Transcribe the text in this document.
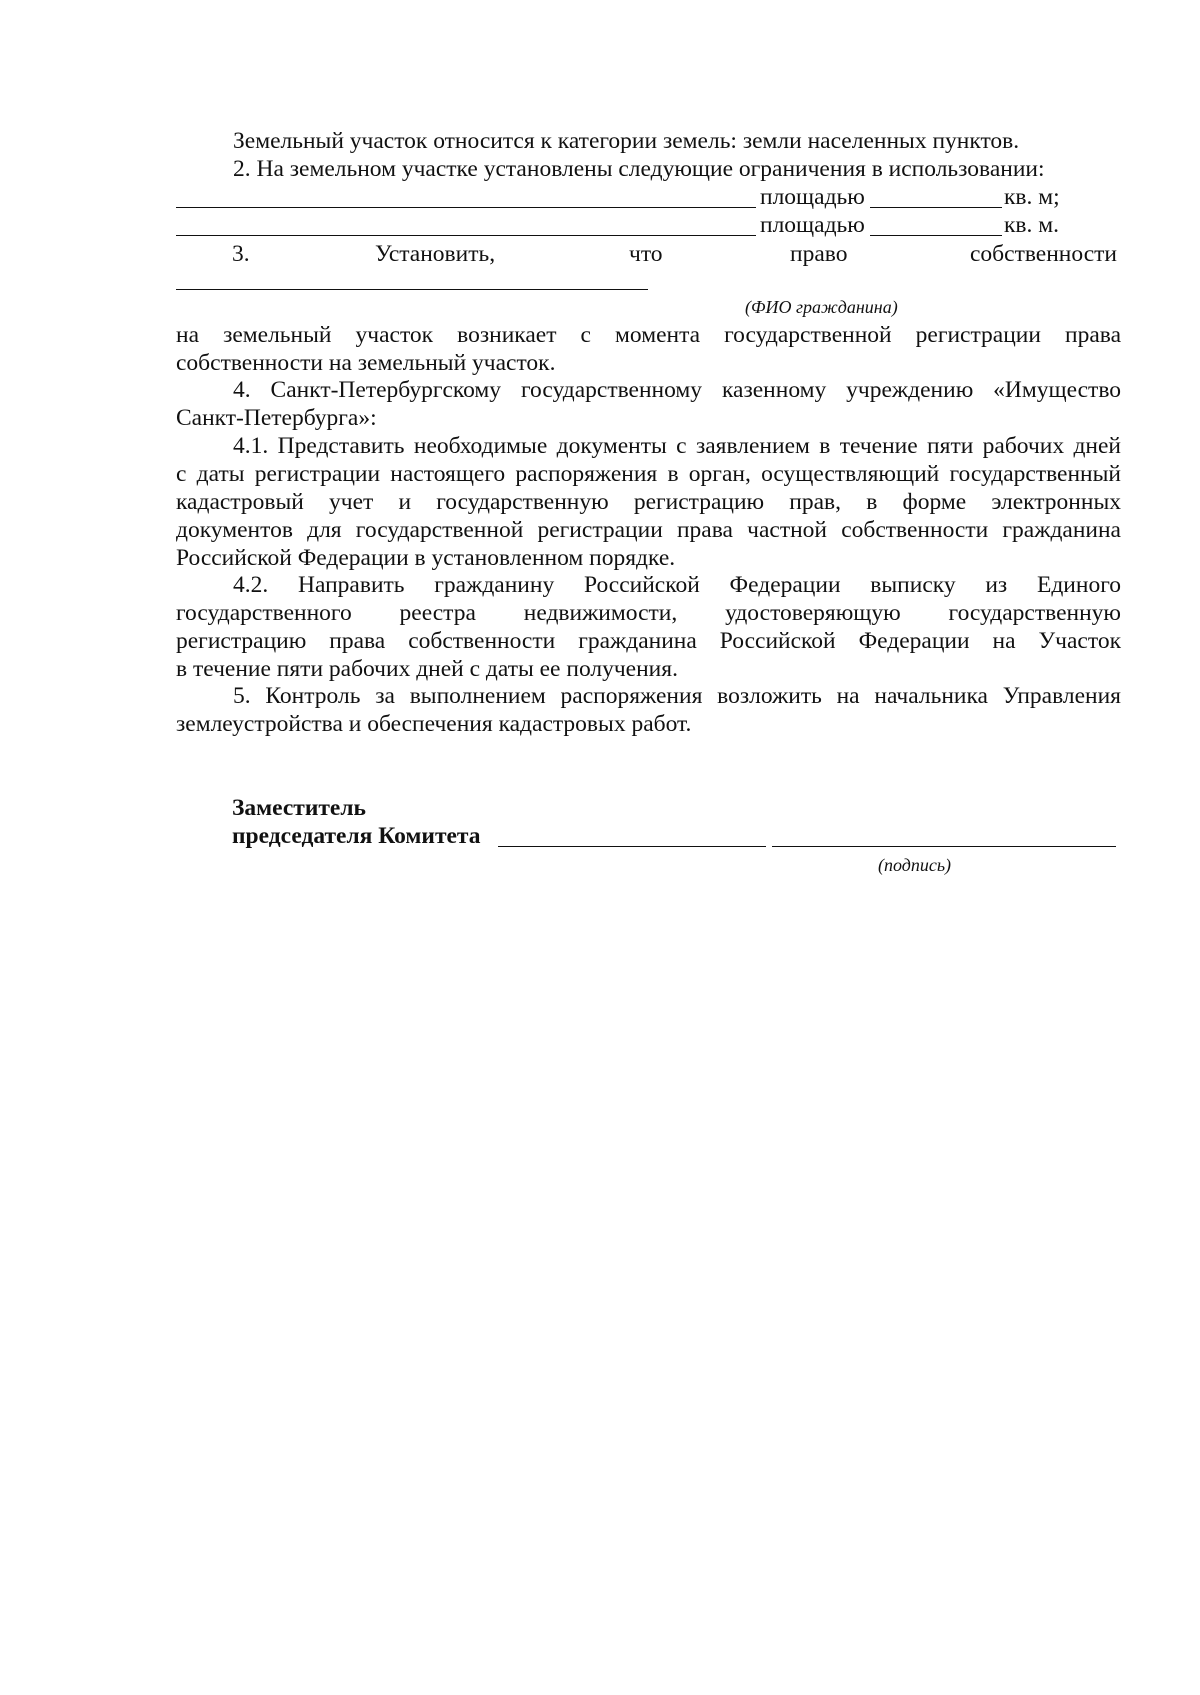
Земельный участок относится к категории земель: земли населенных пунктов.
2. На земельном участке установлены следующие ограничения в использовании:
площадью	кв. м;
площадью	кв. м.
3.	Установить,	что	право	собственности
(ФИО гражданина)
на земельный участок возникает с момента государственной регистрации права
собственности на земельный участок.
4. Санкт-Петербургскому государственному казенному учреждению «Имущество
Санкт-Петербурга»:
4.1. Представить необходимые документы с заявлением в течение пяти рабочих дней
с даты регистрации настоящего распоряжения в орган, осуществляющий государственный
кадастровый учет и государственную регистрацию прав, в форме электронных
документов для государственной регистрации права частной собственности гражданина
Российской Федерации в установленном порядке.
4.2. Направить гражданину Российской Федерации выписку из Единого
государственного реестра недвижимости, удостоверяющую государственную
регистрацию права собственности гражданина Российской Федерации на Участок
в течение пяти рабочих дней с даты ее получения.
5. Контроль за выполнением распоряжения возложить на начальника Управления
землеустройства и обеспечения кадастровых работ.
Заместитель
председателя Комитета
(подпись)
